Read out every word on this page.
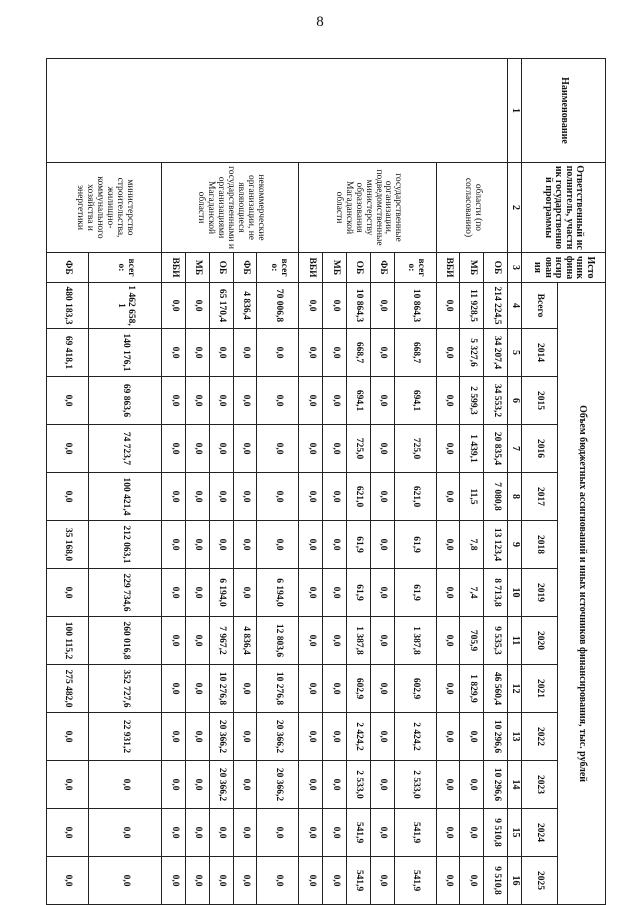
8
Наименование	Ответственный исполнитель, участник государственной программы	Источник финансирования	Объем бюджетных ассигнований и иных источников финансирования, тыс. рублей												
			Всего	2014	2015	2016	2017	2018	2019	2020	2021	2022	2023	2024	2025
1	2	3	4	5	6	7	8	9	10	11	12	13	14	15	16
	области (по согласованию)	ОБ	214 224,5	34 207,4	34 553,2	20 835,4	7 080,8	13 123,4	8 713,8	9 535,3	46 560,4	10 296,6	10 296,6	9 510,8	9 510,8
		МБ	11 928,5	5 327,6	2 599,3	1 439,1	11,5	7,8	7,4	705,9	1 829,9	0,0	0,0	0,0	0,0
		ВБИ	0,0	0,0	0,0	0,0	0,0	0,0	0,0	0,0	0,0	0,0	0,0	0,0	0,0
	государственные организации, подведомственные министерству образования Магаданской области	всего:	10 864,3	668,7	694,1	725,0	621,0	61,9	61,9	1 387,8	602,9	2 424,2	2 533,0	541,9	541,9
		ФБ	0,0	0,0	0,0	0,0	0,0	0,0	0,0	0,0	0,0	0,0	0,0	0,0	0,0
		ОБ	10 864,3	668,7	694,1	725,0	621,0	61,9	61,9	1 387,8	602,9	2 424,2	2 533,0	541,9	541,9
		МБ	0,0	0,0	0,0	0,0	0,0	0,0	0,0	0,0	0,0	0,0	0,0	0,0	0,0
		ВБИ	0,0	0,0	0,0	0,0	0,0	0,0	0,0	0,0	0,0	0,0	0,0	0,0	0,0
	некоммерческие организации, не являющиеся государственными и организациями Магаданской области	всего:	70 006,8	0,0	0,0	0,0	0,0	0,0	6 194,0	12 803,6	10 276,8	20 366,2	20 366,2	0,0	0,0
		ФБ	4 836,4	0,0	0,0	0,0	0,0	0,0	0,0	4 836,4	0,0	0,0	0,0	0,0	0,0
		ОБ	65 170,4	0,0	0,0	0,0	0,0	0,0	6 194,0	7 967,2	10 276,8	20 366,2	20 366,2	0,0	0,0
		МБ	0,0	0,0	0,0	0,0	0,0	0,0	0,0	0,0	0,0	0,0	0,0	0,0	0,0
		ВБИ	0,0	0,0	0,0	0,0	0,0	0,0	0,0	0,0	0,0	0,0	0,0	0,0	0,0
	министерство строительства, жилищно-коммунального хозяйства и энергетики	всего:	1 462 658,1	140 176,1	69 863,6	74 723,7	100 421,4	212 063,1	229 734,6	260 016,8	352 727,6	22 931,2	0,0	0,0	0,0
		ФБ	480 183,3	69 418,1	0,0	0,0	0,0	35 168,0	0,0	100 115,2	275 482,0	0,0	0,0	0,0	0,0
